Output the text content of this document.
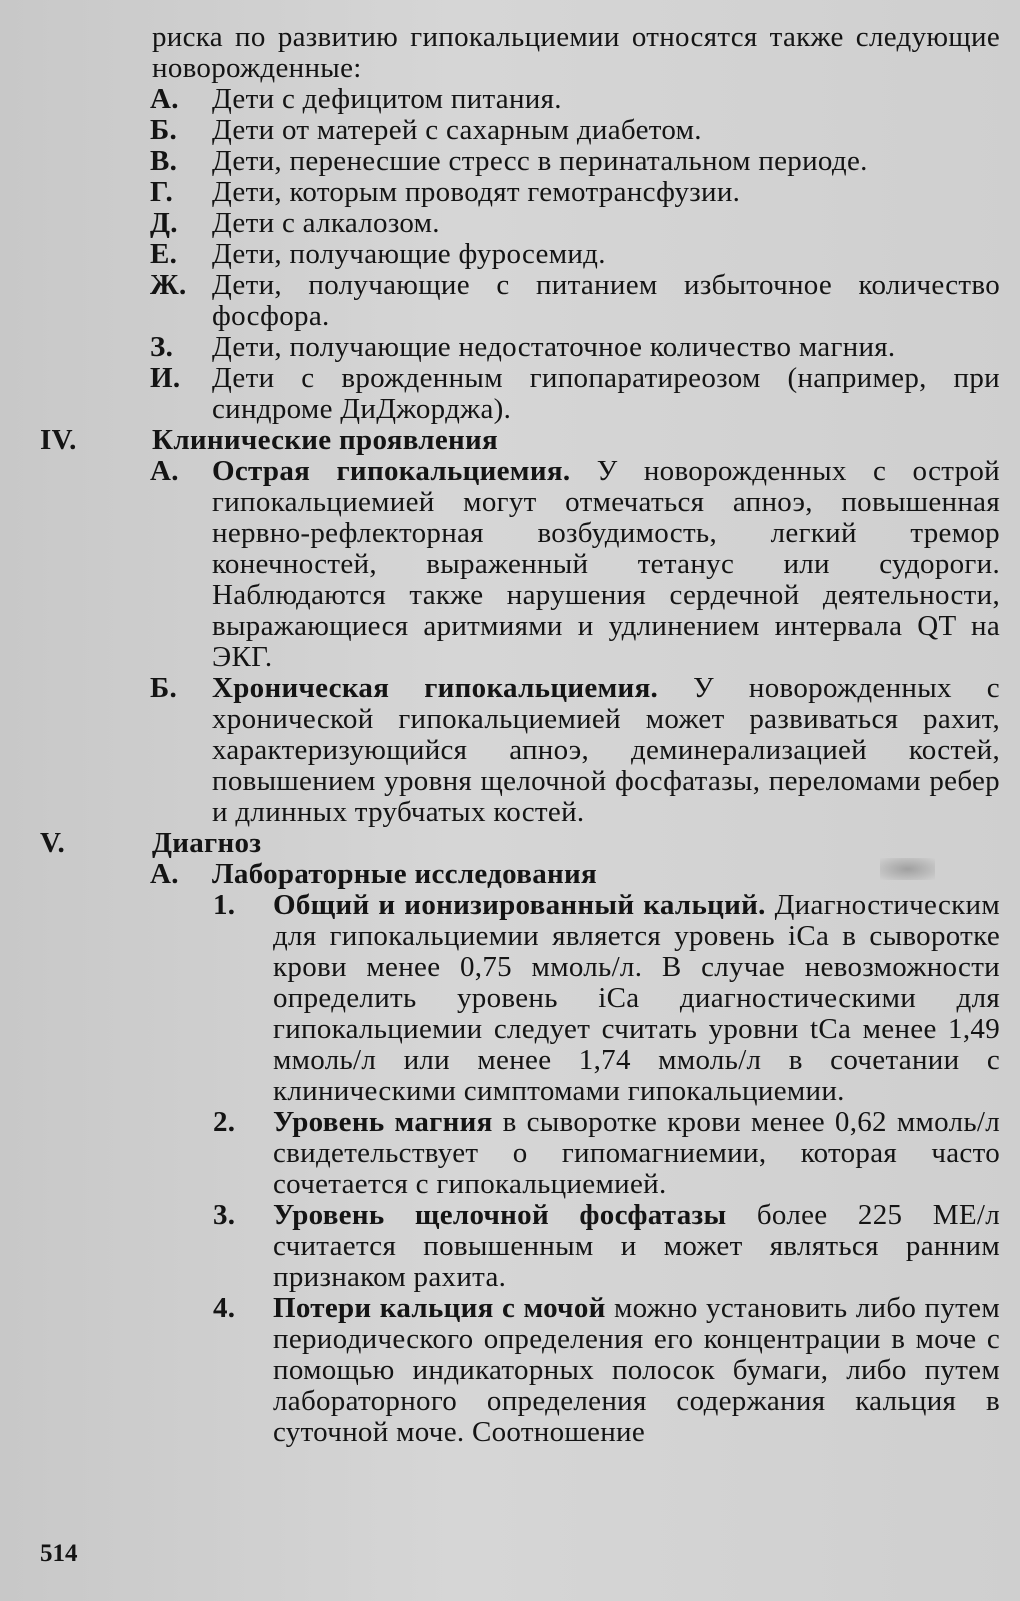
риска по развитию гипокальциемии относятся также следующие новорожденные:
А. Дети с дефицитом питания.
Б. Дети от матерей с сахарным диабетом.
В. Дети, перенесшие стресс в перинатальном периоде.
Г. Дети, которым проводят гемотрансфузии.
Д. Дети с алкалозом.
Е. Дети, получающие фуросемид.
Ж. Дети, получающие с питанием избыточное количество фосфора.
З. Дети, получающие недостаточное количество магния.
И. Дети с врожденным гипопаратиреозом (например, при синдроме ДиДжорджа).
IV.	Клинические проявления
А. Острая гипокальциемия. У новорожденных с острой гипокальциемией могут отмечаться апноэ, повышенная нервно-рефлекторная возбудимость, легкий тремор конечностей, выраженный тетанус или судороги. Наблюдаются также нарушения сердечной деятельности, выражающиеся аритмиями и удлинением интервала QT на ЭКГ.
Б. Хроническая гипокальциемия. У новорожденных с хронической гипокальциемией может развиваться рахит, характеризующийся апноэ, деминерализацией костей, повышением уровня щелочной фосфатазы, переломами ребер и длинных трубчатых костей.
V.	Диагноз
А. Лабораторные исследования
1. Общий и ионизированный кальций. Диагностическим для гипокальциемии является уровень iCa в сыворотке крови менее 0,75 ммоль/л. В случае невозможности определить уровень iCa диагностическими для гипокальциемии следует считать уровни tCa менее 1,49 ммоль/л или менее 1,74 ммоль/л в сочетании с клиническими симптомами гипокальциемии.
2. Уровень магния в сыворотке крови менее 0,62 ммоль/л свидетельствует о гипомагниемии, которая часто сочетается с гипокальциемией.
3. Уровень щелочной фосфатазы более 225 МЕ/л считается повышенным и может являться ранним признаком рахита.
4. Потери кальция с мочой можно установить либо путем периодического определения его концентрации в моче с помощью индикаторных полосок бумаги, либо путем лабораторного определения содержания кальция в суточной моче. Соотношение
514
